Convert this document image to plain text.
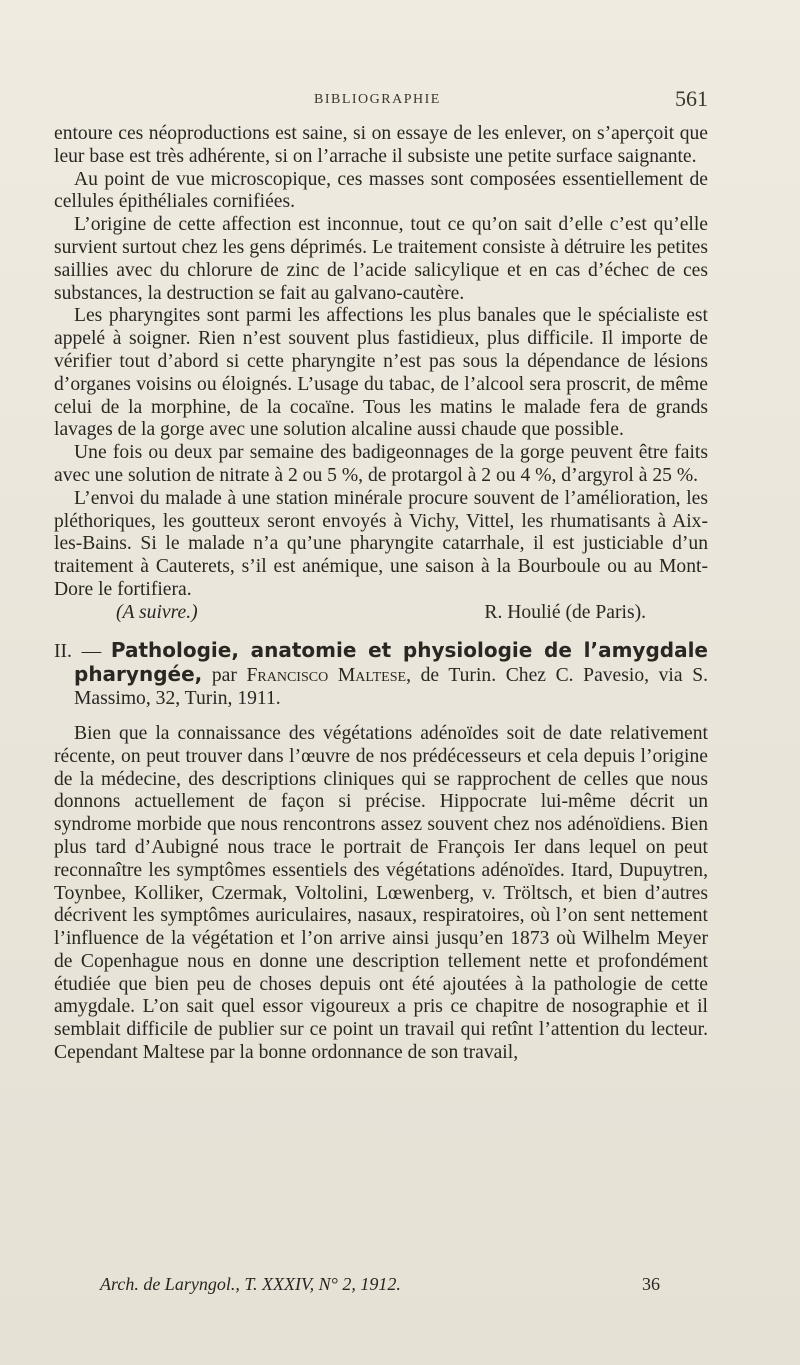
BIBLIOGRAPHIE	561

entoure ces néoproductions est saine, si on essaye de les enlever, on s’aperçoit que leur base est très adhérente, si on l’arrache il subsiste une petite surface saignante.

Au point de vue microscopique, ces masses sont composées essentiellement de cellules épithéliales cornifiées.

L’origine de cette affection est inconnue, tout ce qu’on sait d’elle c’est qu’elle survient surtout chez les gens déprimés. Le traitement consiste à détruire les petites saillies avec du chlorure de zinc de l’acide salicylique et en cas d’échec de ces substances, la destruction se fait au galvano-cautère.

Les pharyngites sont parmi les affections les plus banales que le spécialiste est appelé à soigner. Rien n’est souvent plus fastidieux, plus difficile. Il importe de vérifier tout d’abord si cette pharyngite n’est pas sous la dépendance de lésions d’organes voisins ou éloignés. L’usage du tabac, de l’alcool sera proscrit, de même celui de la morphine, de la cocaïne. Tous les matins le malade fera de grands lavages de la gorge avec une solution alcaline aussi chaude que possible.

Une fois ou deux par semaine des badigeonnages de la gorge peuvent être faits avec une solution de nitrate à 2 ou 5 %, de protargol à 2 ou 4 %, d’argyrol à 25 %.

L’envoi du malade à une station minérale procure souvent de l’amélioration, les pléthoriques, les goutteux seront envoyés à Vichy, Vittel, les rhumatisants à Aix-les-Bains. Si le malade n’a qu’une pharyngite catarrhale, il est justiciable d’un traitement à Cauterets, s’il est anémique, une saison à la Bourboule ou au Mont-Dore le fortifiera.

(A suivre.)	R. Houlié (de Paris).

II. — Pathologie, anatomie et physiologie de l’amygdale pharyngée, par Francisco Maltese, de Turin. Chez C. Pavesio, via S. Massimo, 32, Turin, 1911.

Bien que la connaissance des végétations adénoïdes soit de date relativement récente, on peut trouver dans l’œuvre de nos prédécesseurs et cela depuis l’origine de la médecine, des descriptions cliniques qui se rapprochent de celles que nous donnons actuellement de façon si précise. Hippocrate lui-même décrit un syndrome morbide que nous rencontrons assez souvent chez nos adénoïdiens. Bien plus tard d’Aubigné nous trace le portrait de François Ier dans lequel on peut reconnaître les symptômes essentiels des végétations adénoïdes. Itard, Dupuytren, Toynbee, Kolliker, Czermak, Voltolini, Lœwenberg, v. Tröltsch, et bien d’autres décrivent les symptômes auriculaires, nasaux, respiratoires, où l’on sent nettement l’influence de la végétation et l’on arrive ainsi jusqu’en 1873 où Wilhelm Meyer de Copenhague nous en donne une description tellement nette et profondément étudiée que bien peu de choses depuis ont été ajoutées à la pathologie de cette amygdale. L’on sait quel essor vigoureux a pris ce chapitre de nosographie et il semblait difficile de publier sur ce point un travail qui retînt l’attention du lecteur. Cependant Maltese par la bonne ordonnance de son travail,

Arch. de Laryngol., T. XXXIV, N° 2, 1912.	36
